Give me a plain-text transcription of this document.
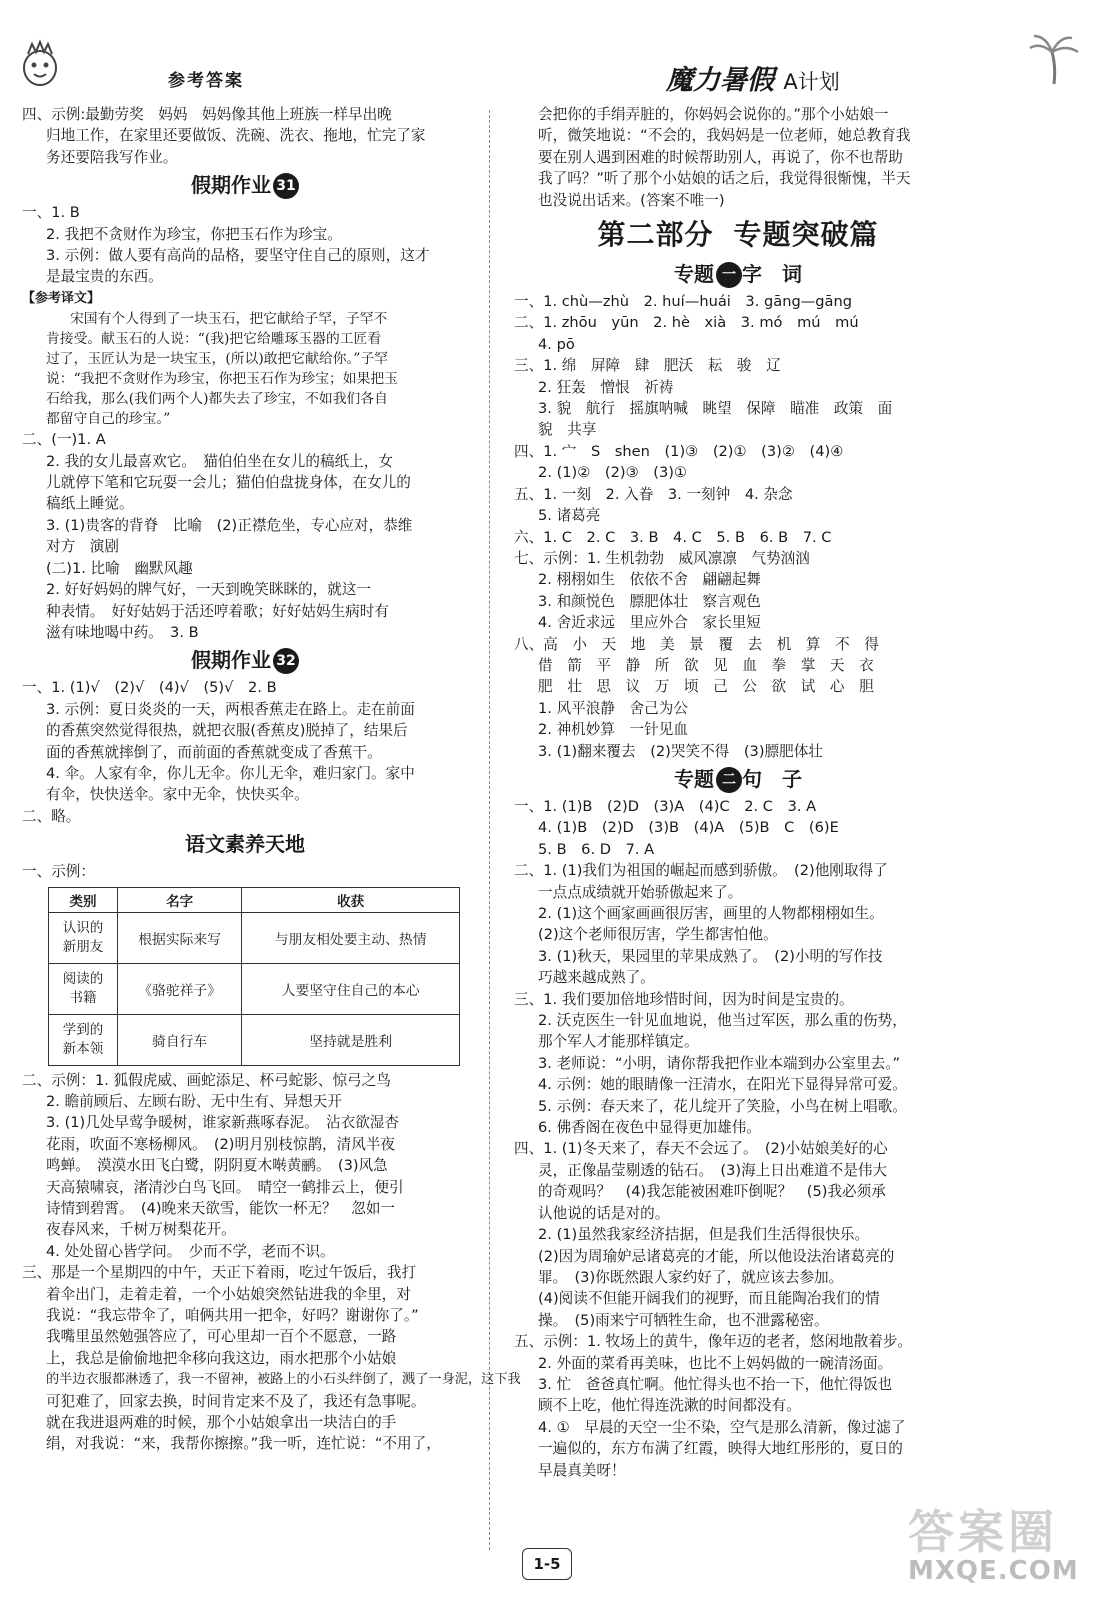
参考答案	魔力暑假 A计划
四、示例:最勤劳奖　妈妈　妈妈像其他上班族一样早出晚
归地工作，在家里还要做饭、洗碗、洗衣、拖地，忙完了家
务还要陪我写作业。
假期作业 31
一、1. B
2. 我把不贪财作为珍宝，你把玉石作为珍宝。
3. 示例：做人要有高尚的品格，要坚守住自己的原则，这才
是最宝贵的东西。
【参考译文】
宋国有个人得到了一块玉石，把它献给子罕，子罕不
肯接受。献玉石的人说：“(我)把它给雕琢玉器的工匠看
过了，玉匠认为是一块宝玉，(所以)敢把它献给你。”子罕
说：“我把不贪财作为珍宝，你把玉石作为珍宝；如果把玉
石给我，那么(我们两个人)都失去了珍宝，不如我们各自
都留守自己的珍宝。”
二、(一)1. A
2. 我的女儿最喜欢它。　猫伯伯坐在女儿的稿纸上，女
儿就停下笔和它玩耍一会儿；猫伯伯盘拢身体，在女儿的
稿纸上睡觉。
3. (1)贵客的背脊　比喻　(2)正襟危坐，专心应对，恭维
对方　演剧
(二)1. 比喻　幽默风趣
2. 好好妈妈的牌气好，一天到晚笑眯眯的，就这一
种表情。　好好姑妈于活还哼着歌；好好姑妈生病时有
滋有味地喝中药。　3. B
假期作业 32
一、1. (1)√　(2)√　(4)√　(5)√　2. B
3. 示例：夏日炎炎的一天，两根香蕉走在路上。走在前面
的香蕉突然觉得很热，就把衣服(香蕉皮)脱掉了，结果后
面的香蕉就摔倒了，而前面的香蕉就变成了香蕉干。
4. 伞。人家有伞，你儿无伞。你儿无伞，难归家门。家中
有伞，快快送伞。家中无伞，快快买伞。
二、略。
语文素养天地
一、示例：
类别	名字	收获

认识的
新朋友	根据实际来写	与朋友相处要主动、热情

阅读的
书籍	《骆驼祥子》	人要坚守住自己的本心

学到的
新本领	骑自行车	坚持就是胜利
二、示例：1. 狐假虎威、画蛇添足、杯弓蛇影、惊弓之鸟
2. 瞻前顾后、左顾右盼、无中生有、异想天开
3. (1)几处早莺争暖树，谁家新燕啄春泥。　沾衣欲湿杏
花雨，吹面不寒杨柳风。　(2)明月别枝惊鹊，清风半夜
鸣蝉。　漠漠水田飞白鹭，阴阴夏木啭黄鹂。　(3)风急
天高猿啸哀，渚清沙白鸟飞回。　晴空一鹤排云上，便引
诗情到碧霄。　(4)晚来天欲雪，能饮一杯无？　忽如一
夜春风来，千树万树梨花开。
4. 处处留心皆学问。　少而不学，老而不识。
三、那是一个星期四的中午，天正下着雨，吃过午饭后，我打
着伞出门，走着走着，一个小姑娘突然钻进我的伞里，对
我说：“我忘带伞了，咱俩共用一把伞，好吗？谢谢你了。”
我嘴里虽然勉强答应了，可心里却一百个不愿意，一路
上，我总是偷偷地把伞移向我这边，雨水把那个小姑娘
的半边衣服都淋透了，我一不留神，被路上的小石头绊倒了，溅了一身泥，这下我
可犯难了，回家去换，时间肯定来不及了，我还有急事呢。
就在我进退两难的时候，那个小姑娘拿出一块洁白的手
绢，对我说：“来，我帮你擦擦。”我一听，连忙说：“不用了，
会把你的手绢弄脏的，你妈妈会说你的。”那个小姑娘一
听，微笑地说：“不会的，我妈妈是一位老师，她总教育我
要在别人遇到困难的时候帮助别人，再说了，你不也帮助
我了吗？”听了那个小姑娘的话之后，我觉得很惭愧，半天
也没说出话来。(答案不唯一)
第二部分 专题突破篇
专题 一 字　词
一、1. chù—zhù　2. huí—huái　3. gāng—gāng
二、1. zhōu　yūn　2. hè　xià　3. mó　mú　mú
4. pō
三、1. 绵　屏障　肆　肥沃　耘　骏　辽
2. 狂轰　憎恨　祈祷
3. 貌　航行　摇旗呐喊　眺望　保障　瞄准　政策　面
貌　共享
四、1. 宀　S　shen　(1)③　(2)①　(3)②　(4)④
2. (1)②　(2)③　(3)①
五、1. 一刻　2. 入眷　3. 一刻钟　4. 杂念
5. 诸葛亮
六、1. C　2. C　3. B　4. C　5. B　6. B　7. C
七、示例：1. 生机勃勃　威风凛凛　气势汹汹
2. 栩栩如生　依依不舍　翩翩起舞
3. 和颜悦色　膘肥体壮　察言观色
4. 舍近求远　里应外合　家长里短
八、高　小　天　地　美　景　覆　去　机　算　不　得
借　箭　平　静　所　欲　见　血　拳　掌　天　衣
肥　壮　思　议　万　顷　己　公　欲　试　心　胆
1. 风平浪静　舍己为公
2. 神机妙算　一针见血
3. (1)翻来覆去　(2)哭笑不得　(3)膘肥体壮
专题 二 句　子
一、1. (1)B　(2)D　(3)A　(4)C　2. C　3. A
4. (1)B　(2)D　(3)B　(4)A　(5)B　C　(6)E
5. B　6. D　7. A
二、1. (1)我们为祖国的崛起而感到骄傲。　(2)他刚取得了
一点点成绩就开始骄傲起来了。
2. (1)这个画家画画很厉害，画里的人物都栩栩如生。
(2)这个老师很厉害，学生都害怕他。
3. (1)秋天，果园里的苹果成熟了。　(2)小明的写作技
巧越来越成熟了。
三、1. 我们要加倍地珍惜时间，因为时间是宝贵的。
2. 沃克医生一针见血地说，他当过军医，那么重的伤势，
那个军人才能那样镇定。
3. 老师说：“小明，请你帮我把作业本端到办公室里去。”
4. 示例：她的眼睛像一汪清水，在阳光下显得异常可爱。
5. 示例：春天来了，花儿绽开了笑脸，小鸟在树上唱歌。
6. 佛香阁在夜色中显得更加雄伟。
四、1. (1)冬天来了，春天不会远了。　(2)小姑娘美好的心
灵，正像晶莹剔透的钻石。　(3)海上日出难道不是伟大
的奇观吗？　(4)我怎能被困难吓倒呢？　(5)我必须承
认他说的话是对的。
2. (1)虽然我家经济拮据，但是我们生活得很快乐。
(2)因为周瑜妒忌诸葛亮的才能，所以他设法治诸葛亮的
罪。　(3)你既然跟人家约好了，就应该去参加。
(4)阅读不但能开阔我们的视野，而且能陶冶我们的情
操。　(5)雨来宁可牺牲生命，也不泄露秘密。
五、示例：1. 牧场上的黄牛，像年迈的老者，悠闲地散着步。
2. 外面的菜肴再美味，也比不上妈妈做的一碗清汤面。
3. 忙　爸爸真忙啊。他忙得头也不抬一下，他忙得饭也
顾不上吃，他忙得连洗漱的时间都没有。
4. ①　早晨的天空一尘不染，空气是那么清新，像过滤了
一遍似的，东方布满了红霞，映得大地红彤彤的，夏日的
早晨真美呀！
1-5
答案圈
MXQE.COM
